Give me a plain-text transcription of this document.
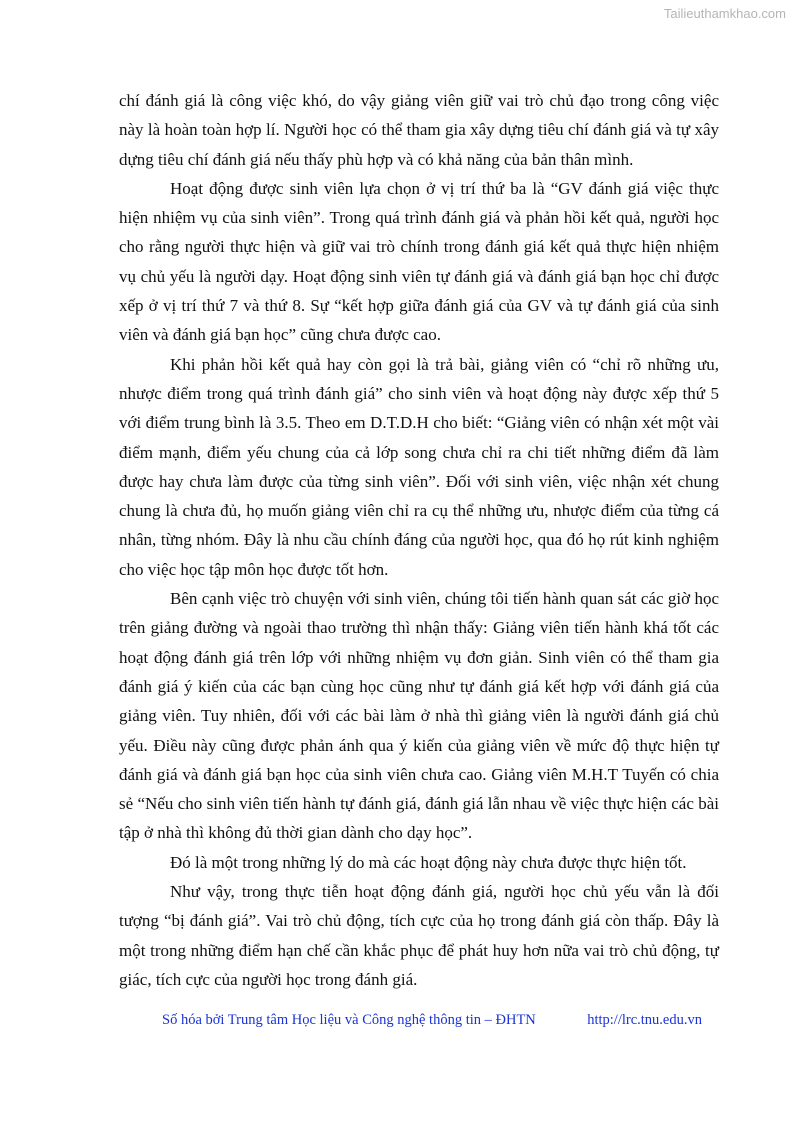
Tailieuthamkhao.com

chí đánh giá là công việc khó, do vậy giảng viên giữ vai trò chủ đạo trong công việc này là hoàn toàn hợp lí. Người học có thể tham gia xây dựng tiêu chí đánh giá và tự xây dựng tiêu chí đánh giá nếu thấy phù hợp và có khả năng của bản thân mình.

Hoạt động được sinh viên lựa chọn ở vị trí thứ ba là “GV đánh giá việc thực hiện nhiệm vụ của sinh viên”. Trong quá trình đánh giá và phản hồi kết quả, người học cho rằng người thực hiện và giữ vai trò chính trong đánh giá kết quả thực hiện nhiệm vụ chủ yếu là người dạy. Hoạt động sinh viên tự đánh giá và đánh giá bạn học chỉ được xếp ở vị trí thứ 7 và thứ 8. Sự “kết hợp giữa đánh giá của GV và tự đánh giá của sinh viên và đánh giá bạn học” cũng chưa được cao.

Khi phản hồi kết quả hay còn gọi là trả bài, giảng viên có “chỉ rõ những ưu, nhược điểm trong quá trình đánh giá” cho sinh viên và hoạt động này được xếp thứ 5 với điểm trung bình là 3.5. Theo em D.T.D.H cho biết: “Giảng viên có nhận xét một vài điểm mạnh, điểm yếu chung của cả lớp song chưa chỉ ra chi tiết những điểm đã làm được hay chưa làm được của từng sinh viên”. Đối với sinh viên, việc nhận xét chung chung là chưa đủ, họ muốn giảng viên chỉ ra cụ thể những ưu, nhược điểm của từng cá nhân, từng nhóm. Đây là nhu cầu chính đáng của người học, qua đó họ rút kinh nghiệm cho việc học tập môn học được tốt hơn.

Bên cạnh việc trò chuyện với sinh viên, chúng tôi tiến hành quan sát các giờ học trên giảng đường và ngoài thao trường thì nhận thấy: Giảng viên tiến hành khá tốt các hoạt động đánh giá trên lớp với những nhiệm vụ đơn giản. Sinh viên có thể tham gia đánh giá ý kiến của các bạn cùng học cũng như tự đánh giá kết hợp với đánh giá của giảng viên. Tuy nhiên, đối với các bài làm ở nhà thì giảng viên là người đánh giá chủ yếu. Điều này cũng được phản ánh qua ý kiến của giảng viên về mức độ thực hiện tự đánh giá và đánh giá bạn học của sinh viên chưa cao. Giảng viên M.H.T Tuyến có chia sẻ “Nếu cho sinh viên tiến hành tự đánh giá, đánh giá lẫn nhau về việc thực hiện các bài tập ở nhà thì không đủ thời gian dành cho dạy học”.

Đó là một trong những lý do mà các hoạt động này chưa được thực hiện tốt.

Như vậy, trong thực tiễn hoạt động đánh giá, người học chủ yếu vẫn là đối tượng “bị đánh giá”. Vai trò chủ động, tích cực của họ trong đánh giá còn thấp. Đây là một trong những điểm hạn chế cần khắc phục để phát huy hơn nữa vai trò chủ động, tự giác, tích cực của người học trong đánh giá.

Số hóa bởi Trung tâm Học liệu và Công nghệ thông tin – ĐHTN	http://lrc.tnu.edu.vn
